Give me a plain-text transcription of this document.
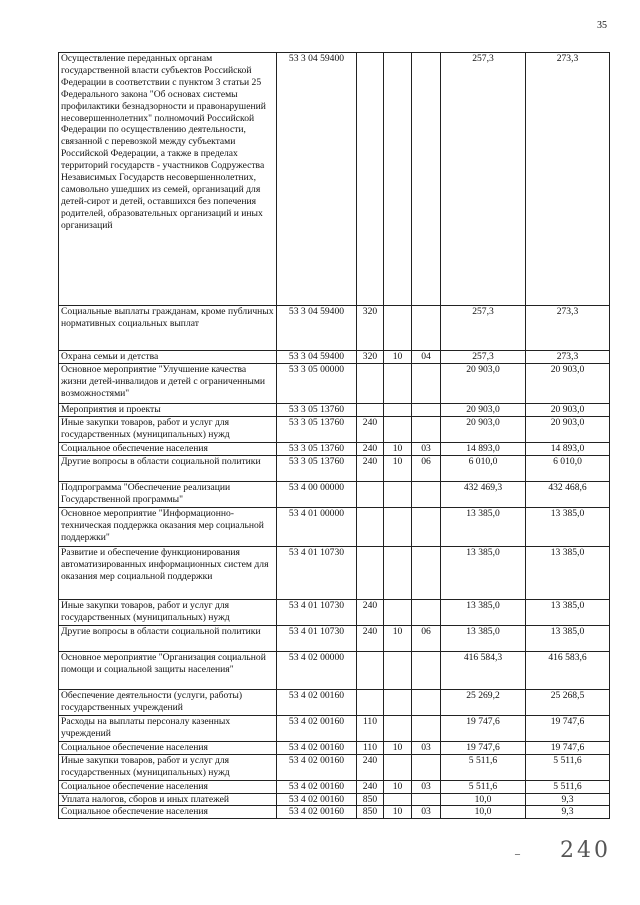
35
Осуществление переданных органам государственной власти субъектов Российской Федерации в соответствии с пунктом 3 статьи 25 Федерального закона "Об основах системы профилактики безнадзорности и правонарушений несовершеннолетних" полномочий Российской Федерации по осуществлению деятельности, связанной с перевозкой между субъектами Российской Федерации, а также в пределах территорий государств - участников Содружества Независимых Государств несовершеннолетних, самовольно ушедших из семей, организаций для детей-сирот и детей, оставшихся без попечения родителей, образовательных организаций и иных организаций	53 3 04 59400				257,3	273,3
Социальные выплаты гражданам, кроме публичных нормативных социальных выплат	53 3 04 59400	320			257,3	273,3
Охрана семьи и детства	53 3 04 59400	320	10	04	257,3	273,3
Основное мероприятие "Улучшение качества жизни детей-инвалидов и детей с ограниченными возможностями"	53 3 05 00000				20 903,0	20 903,0
Мероприятия и проекты	53 3 05 13760				20 903,0	20 903,0
Иные закупки товаров, работ и услуг для государственных (муниципальных) нужд	53 3 05 13760	240			20 903,0	20 903,0
Социальное обеспечение населения	53 3 05 13760	240	10	03	14 893,0	14 893,0
Другие вопросы в области социальной политики	53 3 05 13760	240	10	06	6 010,0	6 010,0
Подпрограмма "Обеспечение реализации Государственной программы"	53 4 00 00000				432 469,3	432 468,6
Основное мероприятие "Информационно-техническая поддержка оказания мер социальной поддержки"	53 4 01 00000				13 385,0	13 385,0
Развитие и обеспечение функционирования автоматизированных информационных систем для оказания мер социальной поддержки	53 4 01 10730				13 385,0	13 385,0
Иные закупки товаров, работ и услуг для государственных (муниципальных) нужд	53 4 01 10730	240			13 385,0	13 385,0
Другие вопросы в области социальной политики	53 4 01 10730	240	10	06	13 385,0	13 385,0
Основное мероприятие "Организация социальной помощи и социальной защиты населения"	53 4 02 00000				416 584,3	416 583,6
Обеспечение деятельности (услуги, работы) государственных учреждений	53 4 02 00160				25 269,2	25 268,5
Расходы на выплаты персоналу казенных учреждений	53 4 02 00160	110			19 747,6	19 747,6
Социальное обеспечение населения	53 4 02 00160	110	10	03	19 747,6	19 747,6
Иные закупки товаров, работ и услуг для государственных (муниципальных) нужд	53 4 02 00160	240			5 511,6	5 511,6
Социальное обеспечение населения	53 4 02 00160	240	10	03	5 511,6	5 511,6
Уплата налогов, сборов и иных платежей	53 4 02 00160	850			10,0	9,3
Социальное обеспечение населения	53 4 02 00160	850	10	03	10,0	9,3
– 240
